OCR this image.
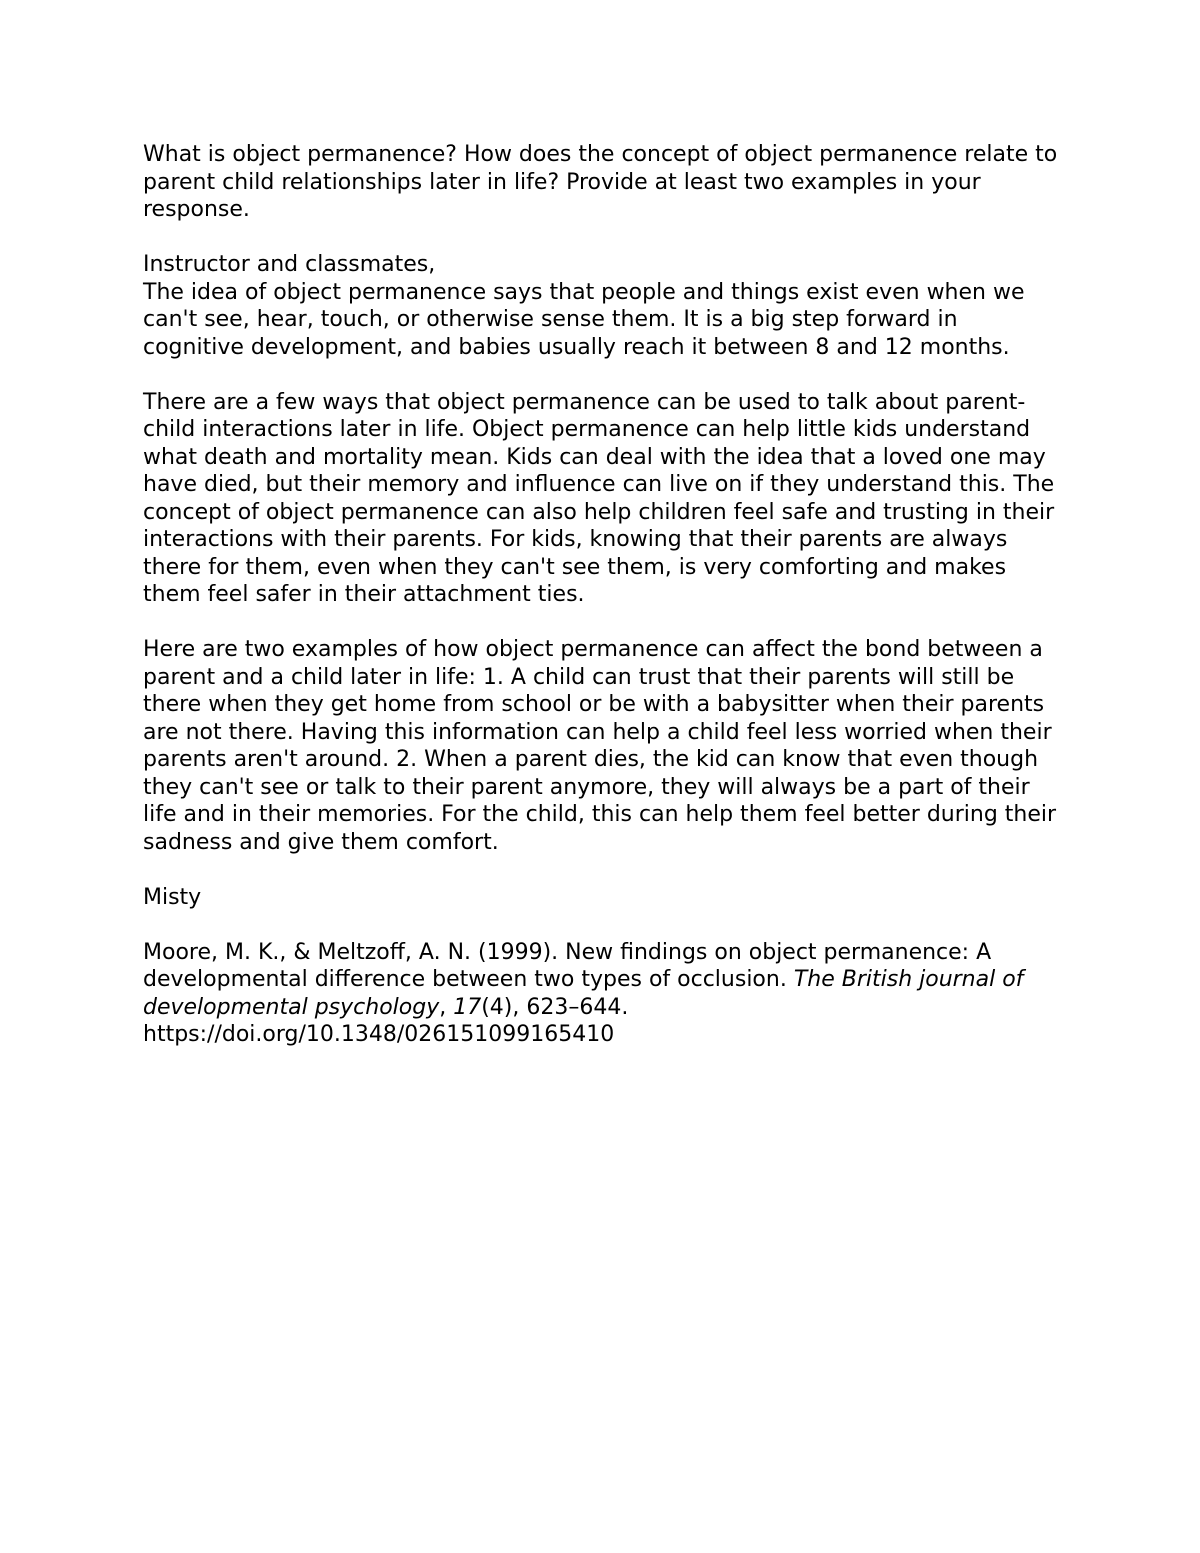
What is object permanence? How does the concept of object permanence relate to parent child relationships later in life? Provide at least two examples in your response.

Instructor and classmates,

The idea of object permanence says that people and things exist even when we can't see, hear, touch, or otherwise sense them. It is a big step forward in cognitive development, and babies usually reach it between 8 and 12 months.

There are a few ways that object permanence can be used to talk about parent-child interactions later in life. Object permanence can help little kids understand what death and mortality mean. Kids can deal with the idea that a loved one may have died, but their memory and influence can live on if they understand this. The concept of object permanence can also help children feel safe and trusting in their interactions with their parents. For kids, knowing that their parents are always there for them, even when they can't see them, is very comforting and makes them feel safer in their attachment ties.

Here are two examples of how object permanence can affect the bond between a parent and a child later in life: 1. A child can trust that their parents will still be there when they get home from school or be with a babysitter when their parents are not there. Having this information can help a child feel less worried when their parents aren't around. 2. When a parent dies, the kid can know that even though they can't see or talk to their parent anymore, they will always be a part of their life and in their memories. For the child, this can help them feel better during their sadness and give them comfort.

Misty

Moore, M. K., & Meltzoff, A. N. (1999). New findings on object permanence: A developmental difference between two types of occlusion. The British journal of developmental psychology, 17(4), 623–644.
https://doi.org/10.1348/026151099165410
